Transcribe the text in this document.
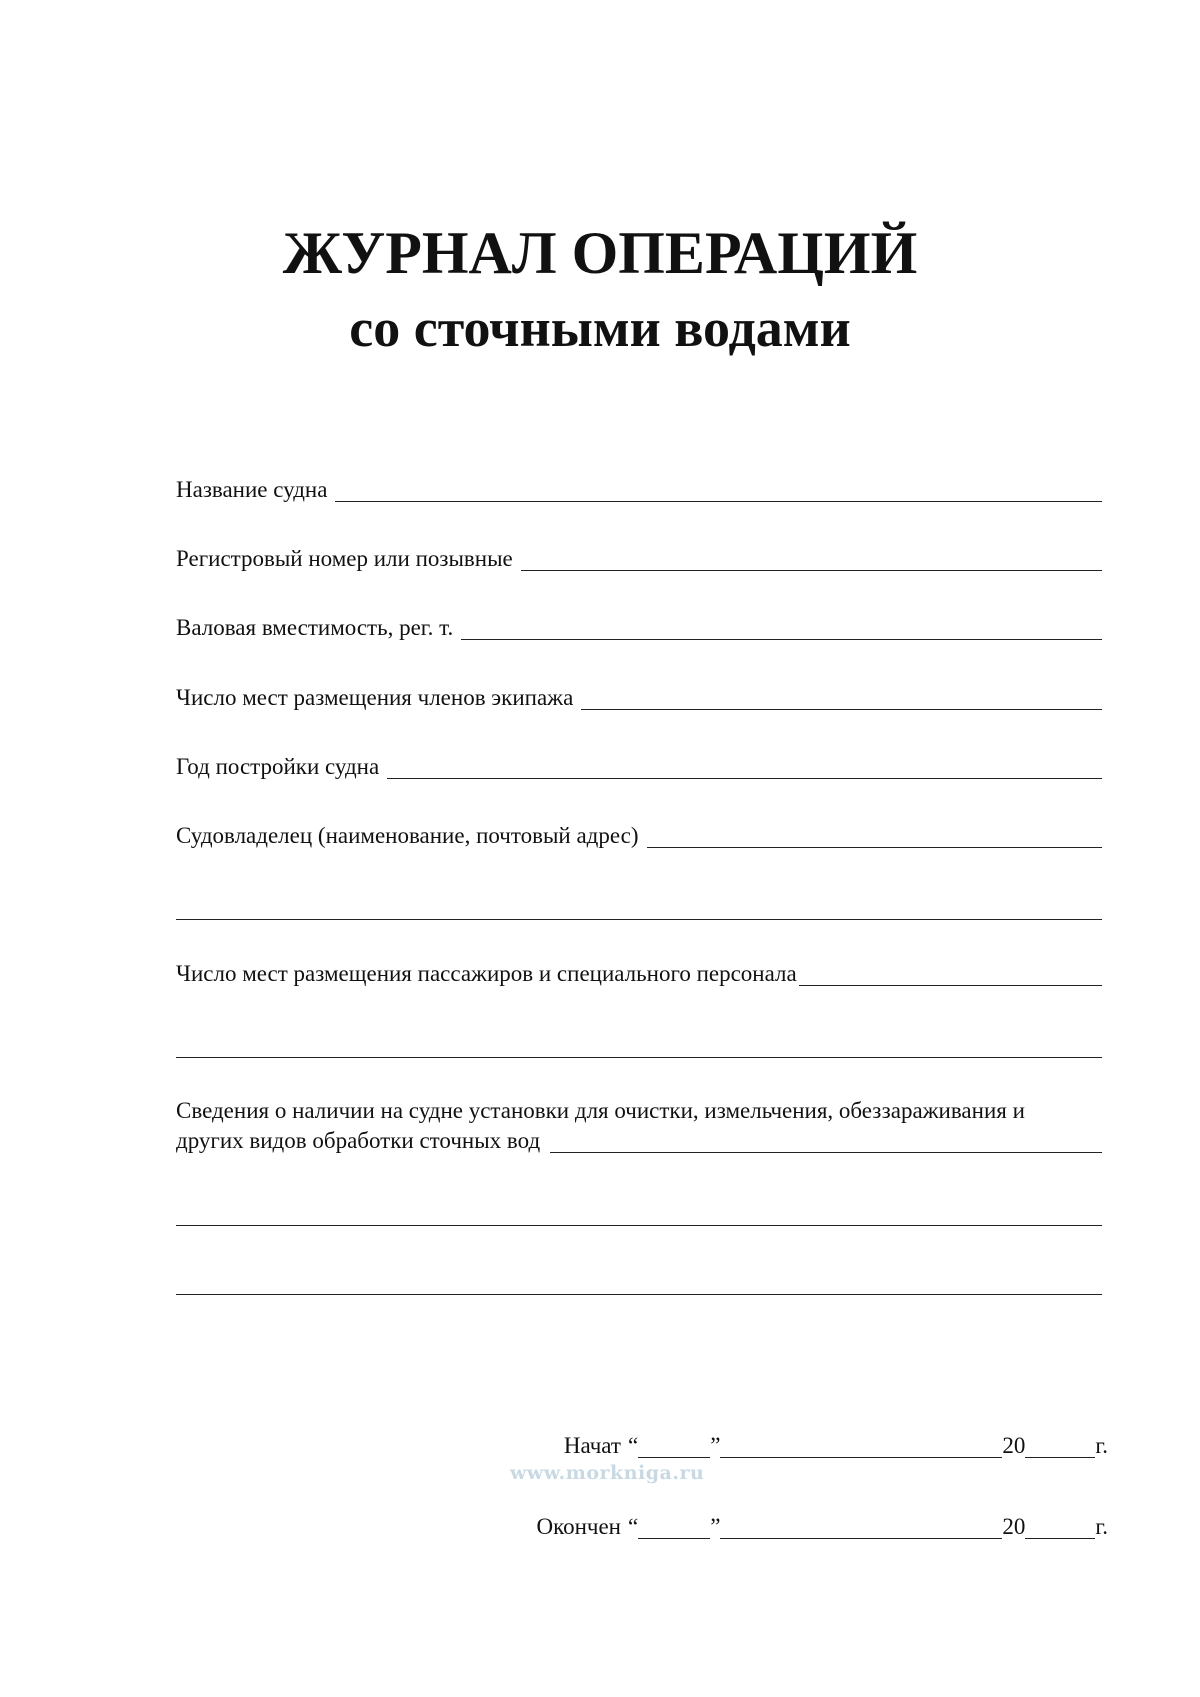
ЖУРНАЛ ОПЕРАЦИЙ
со сточными водами
Название судна
Регистровый номер или позывные
Валовая вместимость, рег. т.
Число мест размещения членов экипажа
Год постройки судна
Судовладелец (наименование, почтовый адрес)
Число мест размещения пассажиров и специального персонала
Сведения о наличии на судне установки для очистки, измельчения, обеззараживания и
других видов обработки сточных вод
Начат “	”	20	г.
www.morkniga.ru
Окончен “	”	20	г.
